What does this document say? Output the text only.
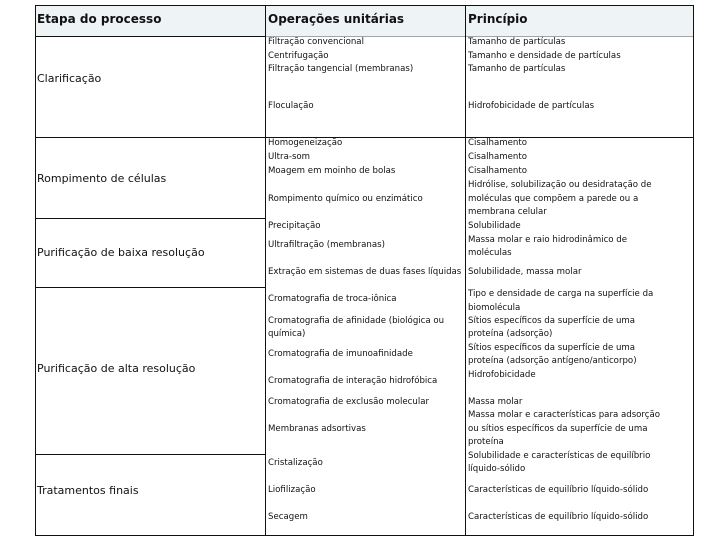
Etapa do processo	Operações unitárias	Princípio
Clarificação
Rompimento de células
Purificação de baixa resolução
Purificação de alta resolução
Tratamentos finais
Filtração convencional
Centrifugação
Filtração tangencial (membranas)
Floculação
Homogeneização
Ultra-som
Moagem em moinho de bolas
Rompimento químico ou enzimático
Precipitação
Ultrafiltração (membranas)
Extração em sistemas de duas fases líquidas
Cromatografia de troca-iônica
Cromatografia de afinidade (biológica ou
química)
Cromatografia de imunoafinidade
Cromatografia de interação hidrofóbica
Cromatografia de exclusão molecular
Membranas adsortivas
Cristalização
Liofilização
Secagem
Tamanho de partículas
Tamanho e densidade de partículas
Tamanho de partículas
Hidrofobicidade de partículas
Cisalhamento
Cisalhamento
Cisalhamento
Hidrólise, solubilização ou desidratação de
moléculas que compõem a parede ou a
membrana celular
Solubilidade
Massa molar e raio hidrodinâmico de
moléculas
Solubilidade, massa molar
Tipo e densidade de carga na superfície da
biomolécula
Sítios específicos da superfície de uma
proteína (adsorção)
Sítios específicos da superfície de uma
proteína (adsorção antígeno/anticorpo)
Hidrofobicidade
Massa molar
Massa molar e características para adsorção
ou sítios específicos da superfície de uma
proteína
Solubilidade e características de equilíbrio
líquido-sólido
Características de equilíbrio líquido-sólido
Características de equilíbrio líquido-sólido
